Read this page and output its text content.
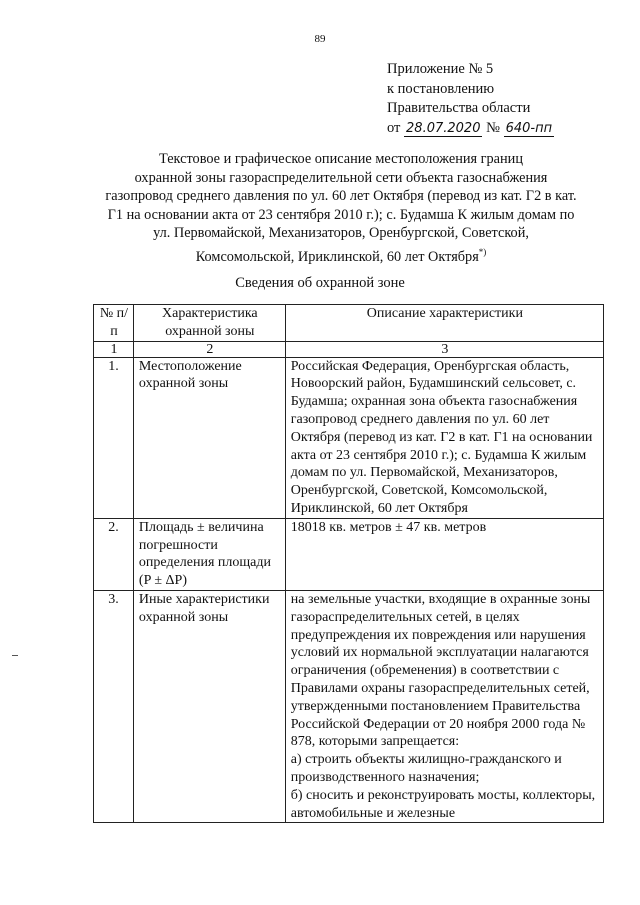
89
Приложение № 5
к постановлению
Правительства области
от 28.07.2020 № 640-пп
Текстовое и графическое описание местоположения границ
охранной зоны газораспределительной сети объекта газоснабжения
газопровод среднего давления по ул. 60 лет Октября (перевод из кат. Г2 в кат.
Г1 на основании акта от 23 сентября 2010 г.); с. Будамша К жилым домам по
ул. Первомайской, Механизаторов, Оренбургской, Советской,
Комсомольской, Ириклинской, 60 лет Октября*)
Сведения об охранной зоне
№ п/п	Характеристика охранной зоны	Описание характеристики
1	2	3
1.	Местоположение охранной зоны	Российская Федерация, Оренбургская область, Новоорский район, Будамшинский сельсовет, с. Будамша; охранная зона объекта газоснабжения газопровод среднего давления по ул. 60 лет Октября (перевод из кат. Г2 в кат. Г1 на основании акта от 23 сентября 2010 г.); с. Будамша К жилым домам по ул. Первомайской, Механизаторов, Оренбургской, Советской, Комсомольской, Ириклинской, 60 лет Октября
2.	Площадь ± величина погрешности определения площади (P ± ΔP)	18018 кв. метров ± 47 кв. метров
3.	Иные характеристики охранной зоны	на земельные участки, входящие в охранные зоны газораспределительных сетей, в целях предупреждения их повреждения или нарушения условий их нормальной эксплуатации налагаются ограничения (обременения) в соответствии с Правилами охраны газораспределительных сетей, утвержденными постановлением Правительства Российской Федерации от 20 ноября 2000 года № 878, которыми запрещается:
а) строить объекты жилищно-гражданского и производственного назначения;
б) сносить и реконструировать мосты, коллекторы, автомобильные и железные
